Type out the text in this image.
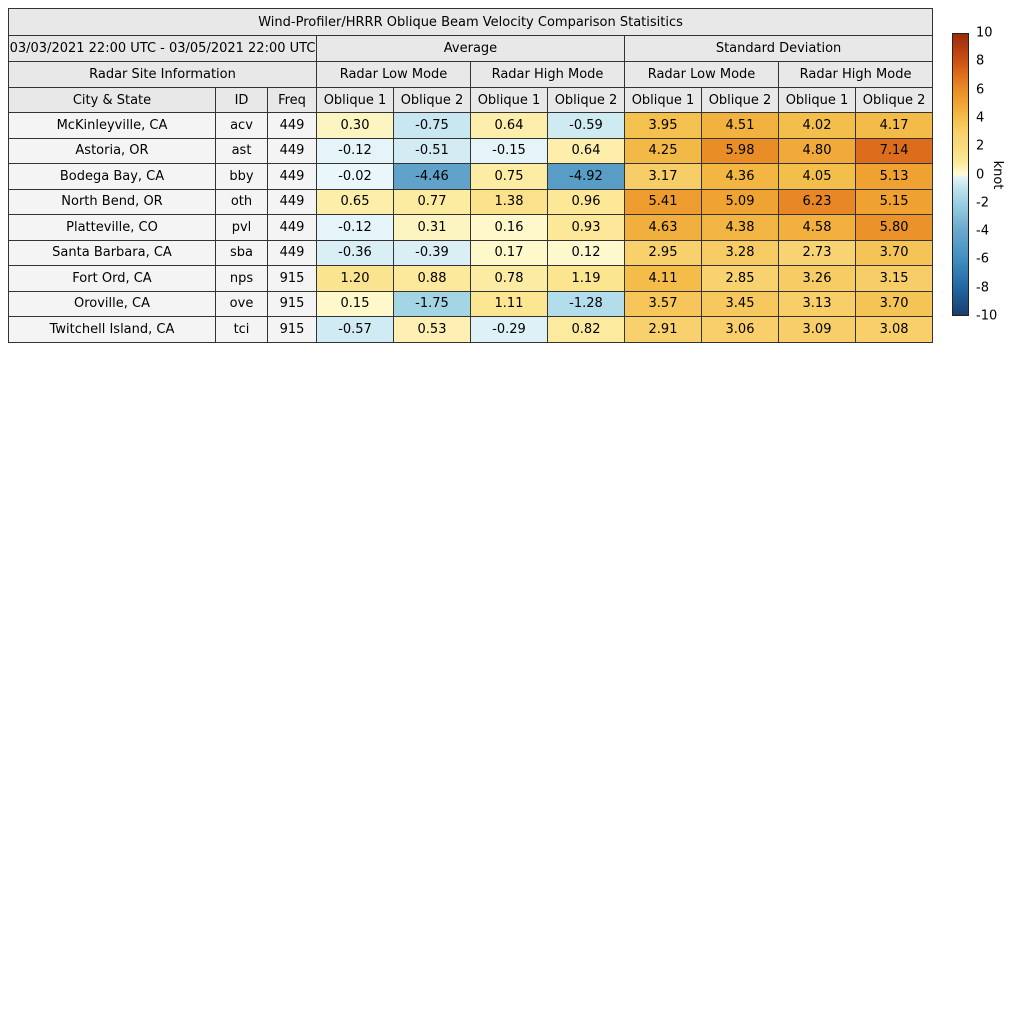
Wind-Profiler/HRRR Oblique Beam Velocity Comparison Statisitics										
03/03/2021 22:00 UTC - 03/05/2021 22:00 UTC			Average				Standard Deviation			
Radar Site Information			Radar Low Mode		Radar High Mode		Radar Low Mode		Radar High Mode	
City & State	ID	Freq	Oblique 1	Oblique 2	Oblique 1	Oblique 2	Oblique 1	Oblique 2	Oblique 1	Oblique 2
McKinleyville, CA	acv	449	0.30	-0.75	0.64	-0.59	3.95	4.51	4.02	4.17
Astoria, OR	ast	449	-0.12	-0.51	-0.15	0.64	4.25	5.98	4.80	7.14
Bodega Bay, CA	bby	449	-0.02	-4.46	0.75	-4.92	3.17	4.36	4.05	5.13
North Bend, OR	oth	449	0.65	0.77	1.38	0.96	5.41	5.09	6.23	5.15
Platteville, CO	pvl	449	-0.12	0.31	0.16	0.93	4.63	4.38	4.58	5.80
Santa Barbara, CA	sba	449	-0.36	-0.39	0.17	0.12	2.95	3.28	2.73	3.70
Fort Ord, CA	nps	915	1.20	0.88	0.78	1.19	4.11	2.85	3.26	3.15
Oroville, CA	ove	915	0.15	-1.75	1.11	-1.28	3.57	3.45	3.13	3.70
Twitchell Island, CA	tci	915	-0.57	0.53	-0.29	0.82	2.91	3.06	3.09	3.08
10
8
6
4
2
0
-2
-4
-6
-8
-10
knot
